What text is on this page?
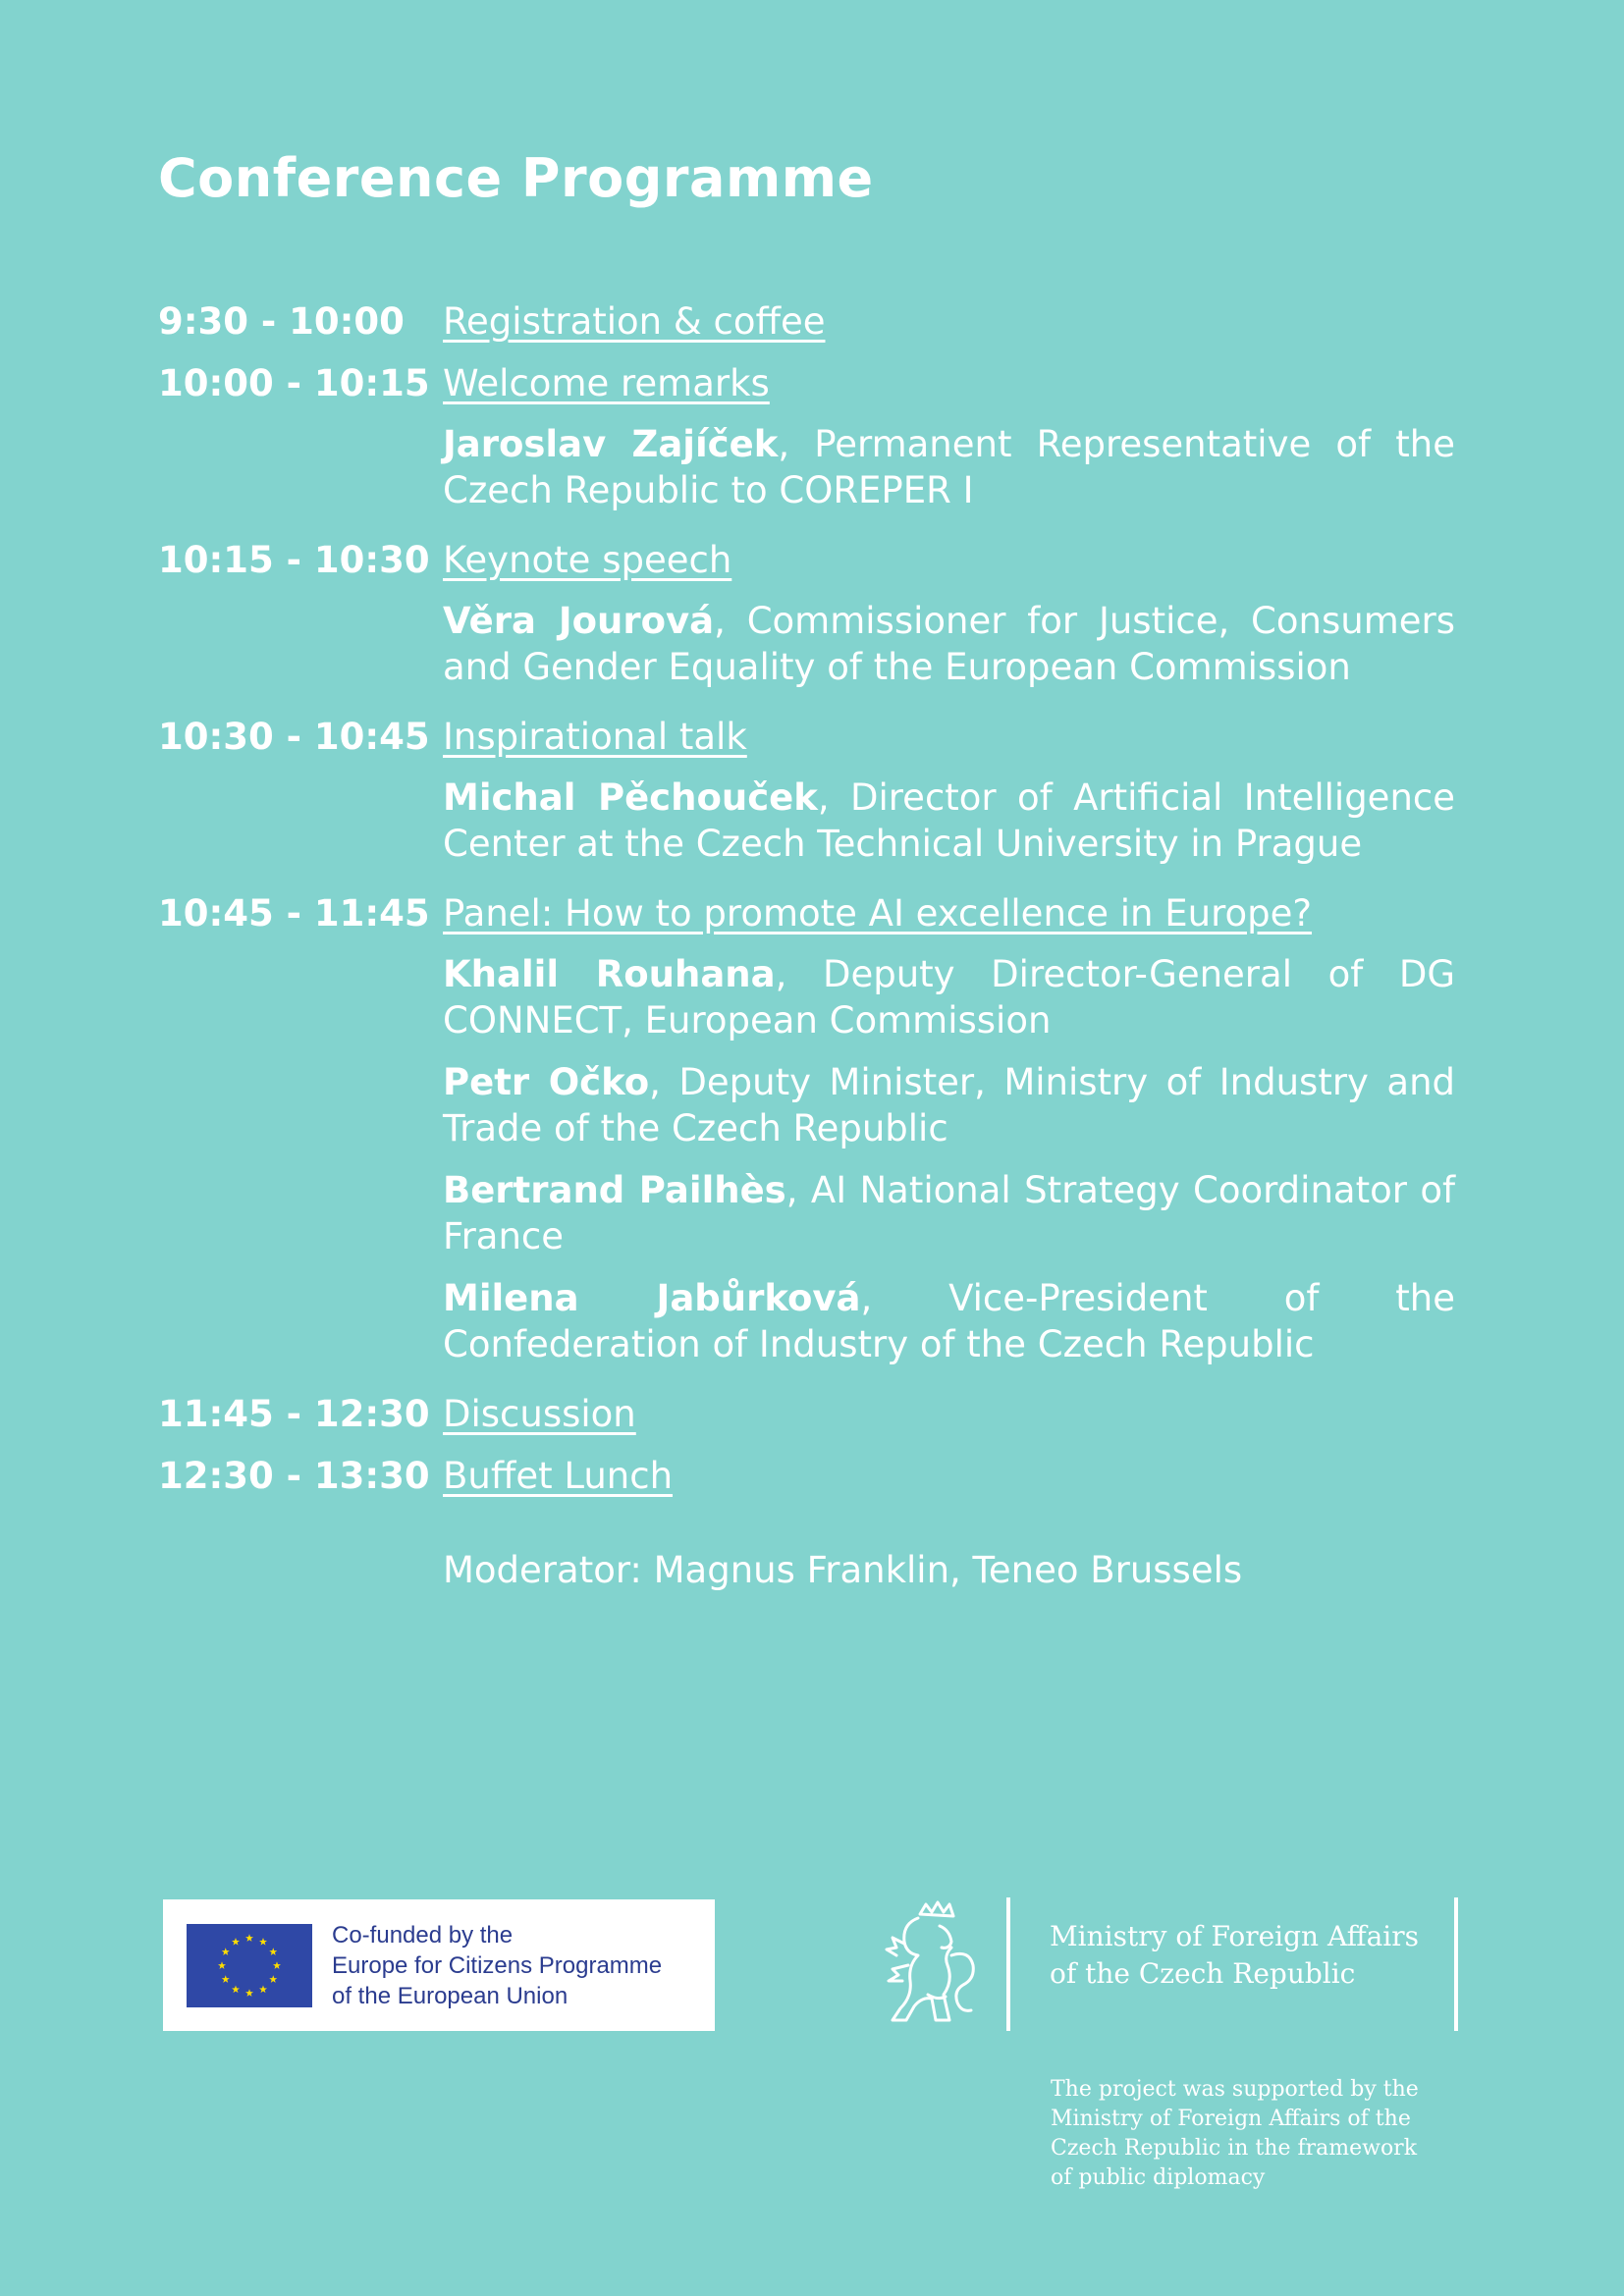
Conference Programme
9:30 - 10:00	Registration & coffee
10:00 - 10:15 Welcome remarks
Jaroslav Zajíček, Permanent Representative of the Czech Republic to COREPER I
10:15 - 10:30 Keynote speech
Věra Jourová, Commissioner for Justice, Consumers and Gender Equality of the European Commission
10:30 - 10:45 Inspirational talk
Michal Pěchouček, Director of Artificial Intelligence Center at the Czech Technical University in Prague
10:45 - 11:45 Panel: How to promote AI excellence in Europe?
Khalil Rouhana, Deputy Director-General of DG CONNECT, European Commission
Petr Očko, Deputy Minister, Ministry of Industry and Trade of the Czech Republic
Bertrand Pailhès, AI National Strategy Coordinator of France
Milena Jabůrková, Vice-President of the Confederation of Industry of the Czech Republic
11:45 - 12:30 Discussion
12:30 - 13:30 Buffet Lunch
Moderator: Magnus Franklin, Teneo Brussels
Co-funded by the
Europe for Citizens Programme
of the European Union
Ministry of Foreign Affairs
of the Czech Republic
The project was supported by the
Ministry of Foreign Affairs of the
Czech Republic in the framework
of public diplomacy
